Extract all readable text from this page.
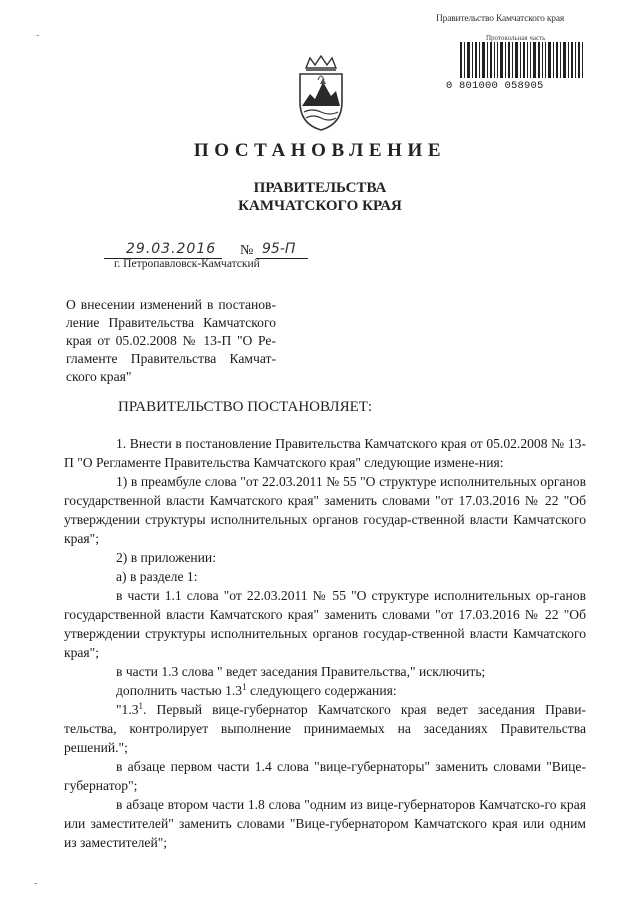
Правительство Камчатского края
Протокольная часть
0 801000 058905
ПОСТАНОВЛЕНИЕ
ПРАВИТЕЛЬСТВА
КАМЧАТСКОГО КРАЯ
29.03.2016 № 95-П
г. Петропавловск-Камчатский
О внесении изменений в постанов-
ление Правительства Камчатского
края от 05.02.2008 № 13-П "О Ре-
гламенте Правительства Камчат-
ского края"
ПРАВИТЕЛЬСТВО ПОСТАНОВЛЯЕТ:

1. Внести в постановление Правительства Камчатского края от 05.02.2008 № 13-П "О Регламенте Правительства Камчатского края" следующие измене-ния:

1) в преамбуле слова "от 22.03.2011 № 55 "О структуре исполнительных органов государственной власти Камчатского края" заменить словами "от 17.03.2016 № 22 "Об утверждении структуры исполнительных органов государ-ственной власти Камчатского края";

2) в приложении:

а) в разделе 1:

в части 1.1 слова "от 22.03.2011 № 55 "О структуре исполнительных ор-ганов государственной власти Камчатского края" заменить словами "от 17.03.2016 № 22 "Об утверждении структуры исполнительных органов государ-ственной власти Камчатского края";

в части 1.3 слова " ведет заседания Правительства," исключить;

дополнить частью $1.3^1$ следующего содержания:

"$1.3^1$. Первый вице-губернатор Камчатского края ведет заседания Прави-тельства, контролирует выполнение принимаемых на заседаниях Правительства решений.";

в абзаце первом части 1.4 слова "вице-губернаторы" заменить словами "Вице-губернатор";

в абзаце втором части 1.8 слова "одним из вице-губернаторов Камчатско-го края или заместителей" заменить словами "Вице-губернатором Камчатского края или одним из заместителей";

-
-
